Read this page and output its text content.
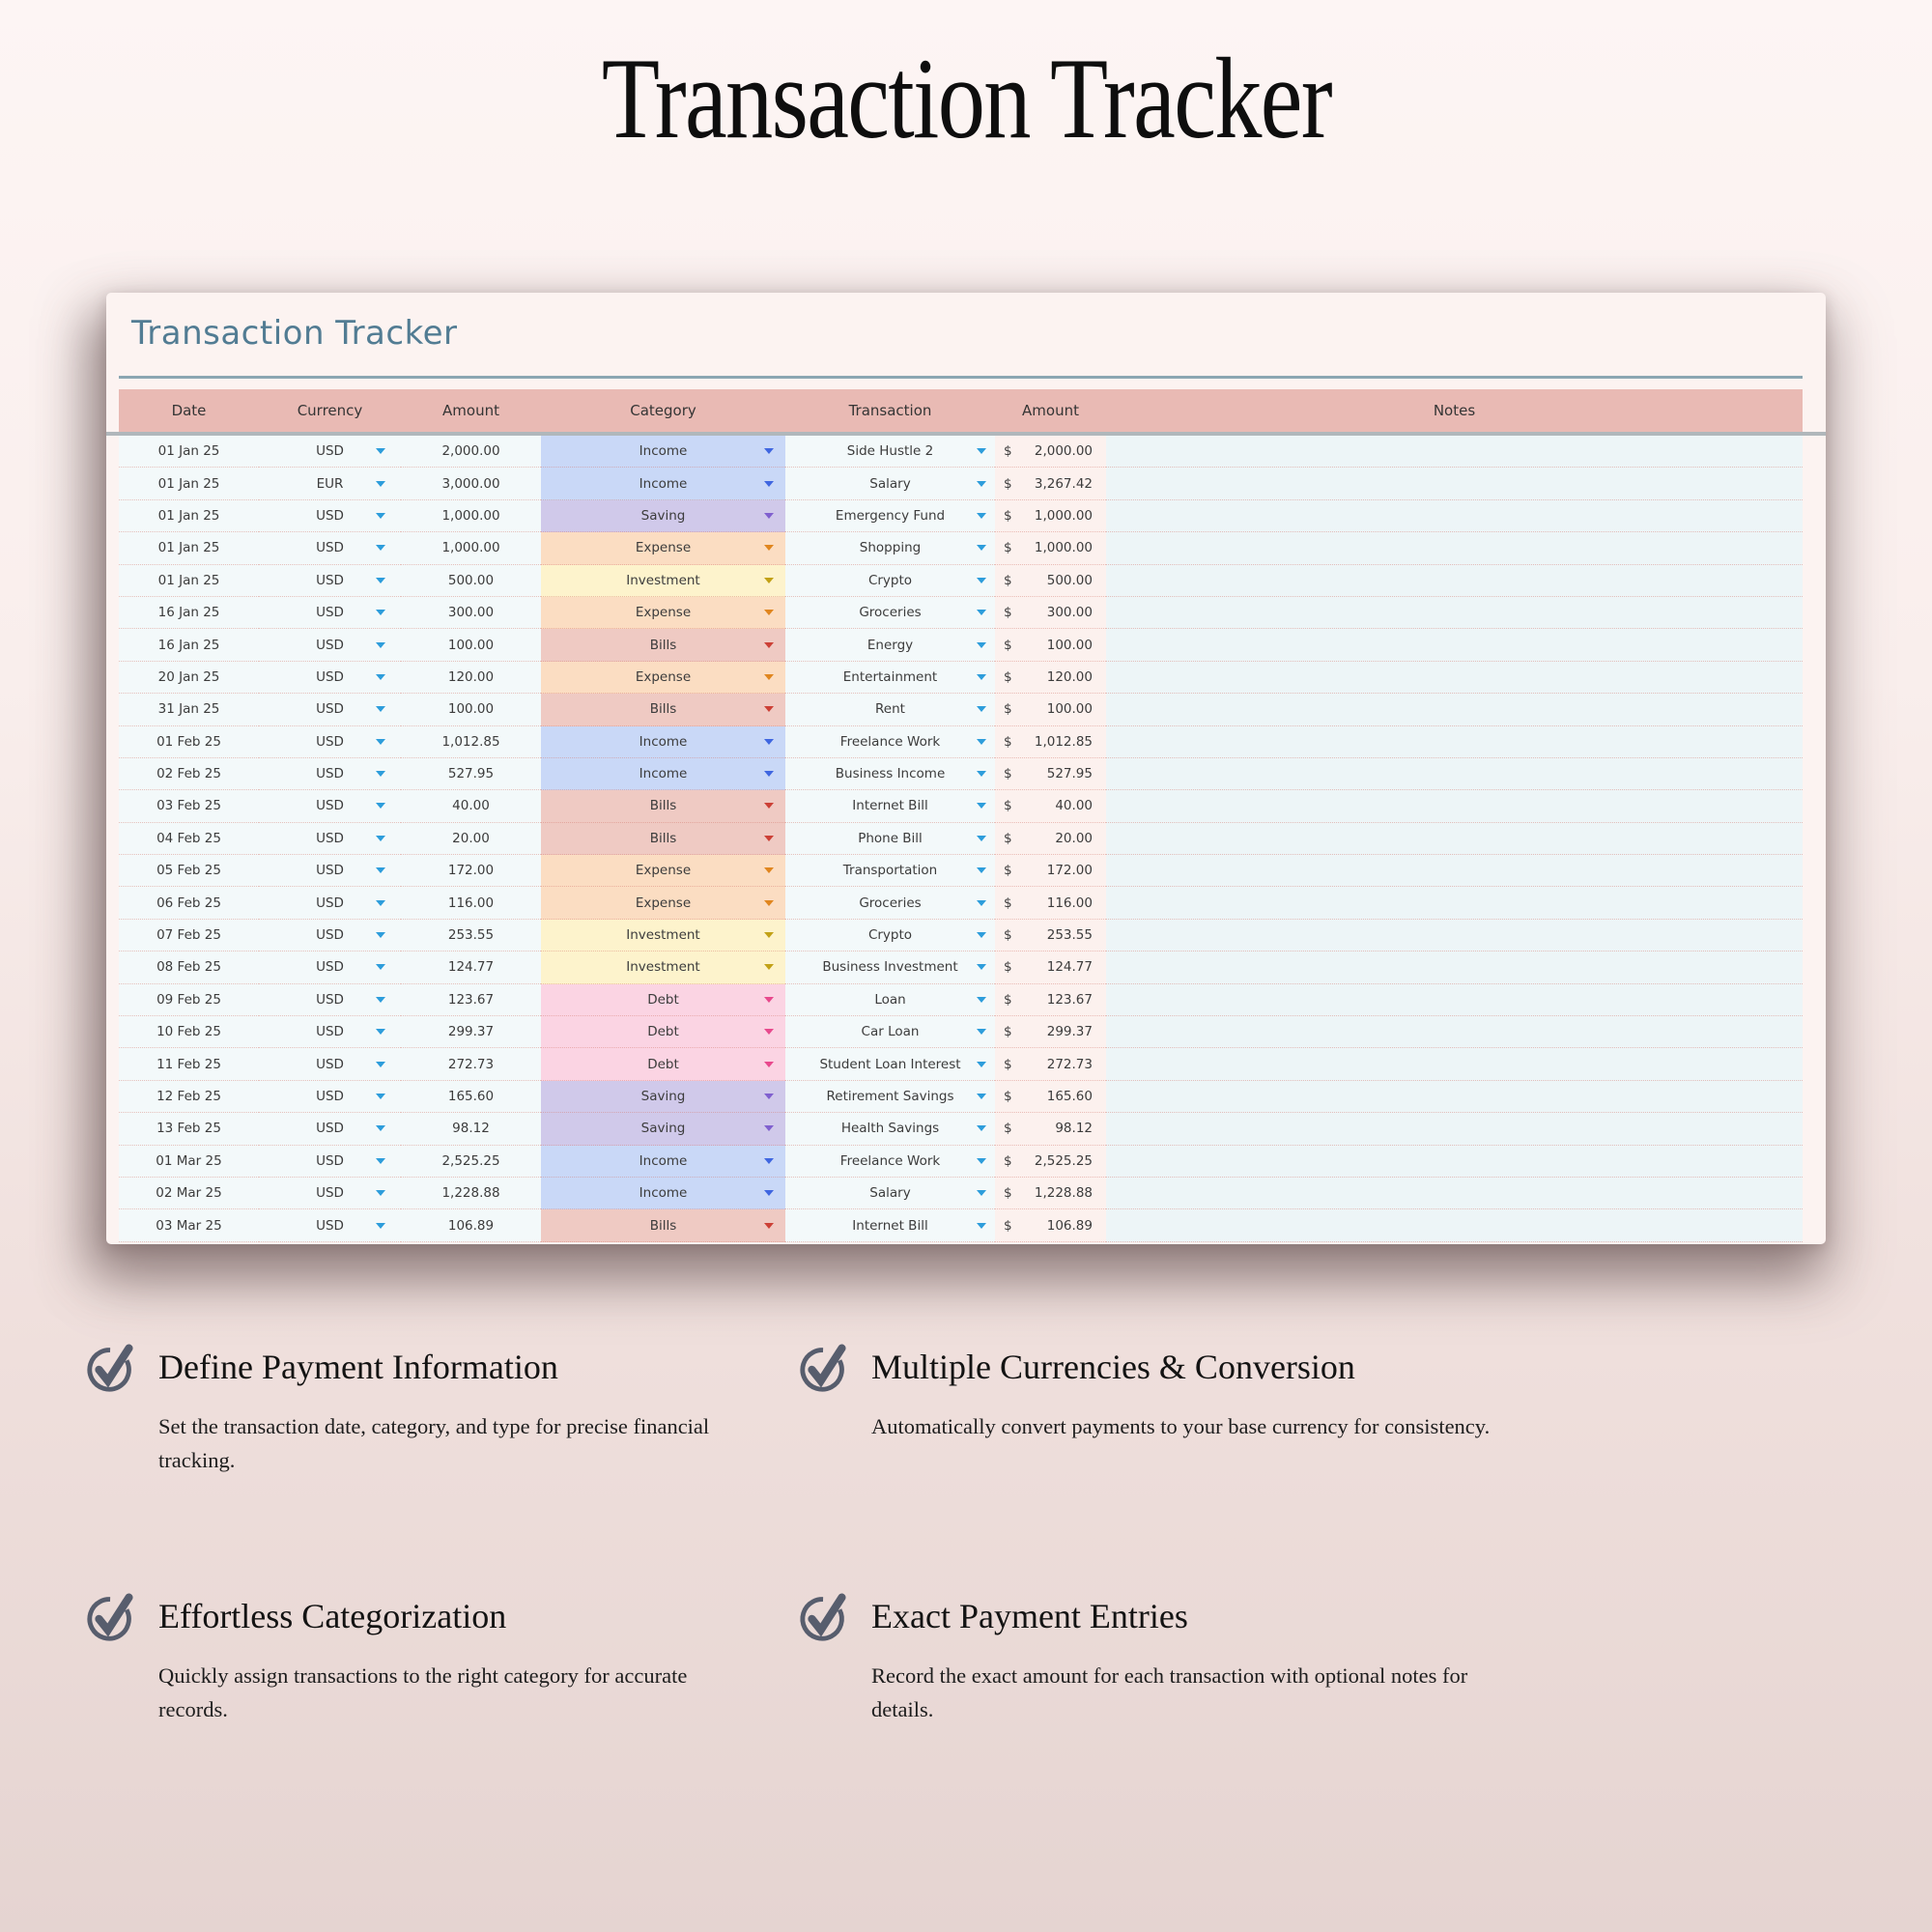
Transaction Tracker
Transaction Tracker
Date	Currency	Amount	Category	Transaction	Amount	Notes
01 Jan 25	USD	2,000.00	Income	Side Hustle 2	$ 2,000.00
01 Jan 25	EUR	3,000.00	Income	Salary	$ 3,267.42
01 Jan 25	USD	1,000.00	Saving	Emergency Fund	$ 1,000.00
01 Jan 25	USD	1,000.00	Expense	Shopping	$ 1,000.00
01 Jan 25	USD	500.00	Investment	Crypto	$	500.00
16 Jan 25	USD	300.00	Expense	Groceries	$	300.00
16 Jan 25	USD	100.00	Bills	Energy	$	100.00
20 Jan 25	USD	120.00	Expense	Entertainment	$	120.00
31 Jan 25	USD	100.00	Bills	Rent	$	100.00
01 Feb 25	USD	1,012.85	Income	Freelance Work	$ 1,012.85
02 Feb 25	USD	527.95	Income	Business Income	$	527.95
03 Feb 25	USD	40.00	Bills	Internet Bill	$	40.00
04 Feb 25	USD	20.00	Bills	Phone Bill	$	20.00
05 Feb 25	USD	172.00	Expense	Transportation	$	172.00
06 Feb 25	USD	116.00	Expense	Groceries	$	116.00
07 Feb 25	USD	253.55	Investment	Crypto	$	253.55
08 Feb 25	USD	124.77	Investment	Business Investment	$	124.77
09 Feb 25	USD	123.67	Debt	Loan	$	123.67
10 Feb 25	USD	299.37	Debt	Car Loan	$	299.37
11 Feb 25	USD	272.73	Debt	Student Loan Interest	$	272.73
12 Feb 25	USD	165.60	Saving	Retirement Savings	$	165.60
13 Feb 25	USD	98.12	Saving	Health Savings	$	98.12
01 Mar 25	USD	2,525.25	Income	Freelance Work	$ 2,525.25
02 Mar 25	USD	1,228.88	Income	Salary	$ 1,228.88
03 Mar 25	USD	106.89	Bills	Internet Bill	$	106.89
Define Payment Information

Set the transaction date, category, and type for precise financial
tracking.

Multiple Currencies & Conversion

Automatically convert payments to your base currency for consistency.

Effortless Categorization

Quickly assign transactions to the right category for accurate
records.

Exact Payment Entries

Record the exact amount for each transaction with optional notes for
details.
